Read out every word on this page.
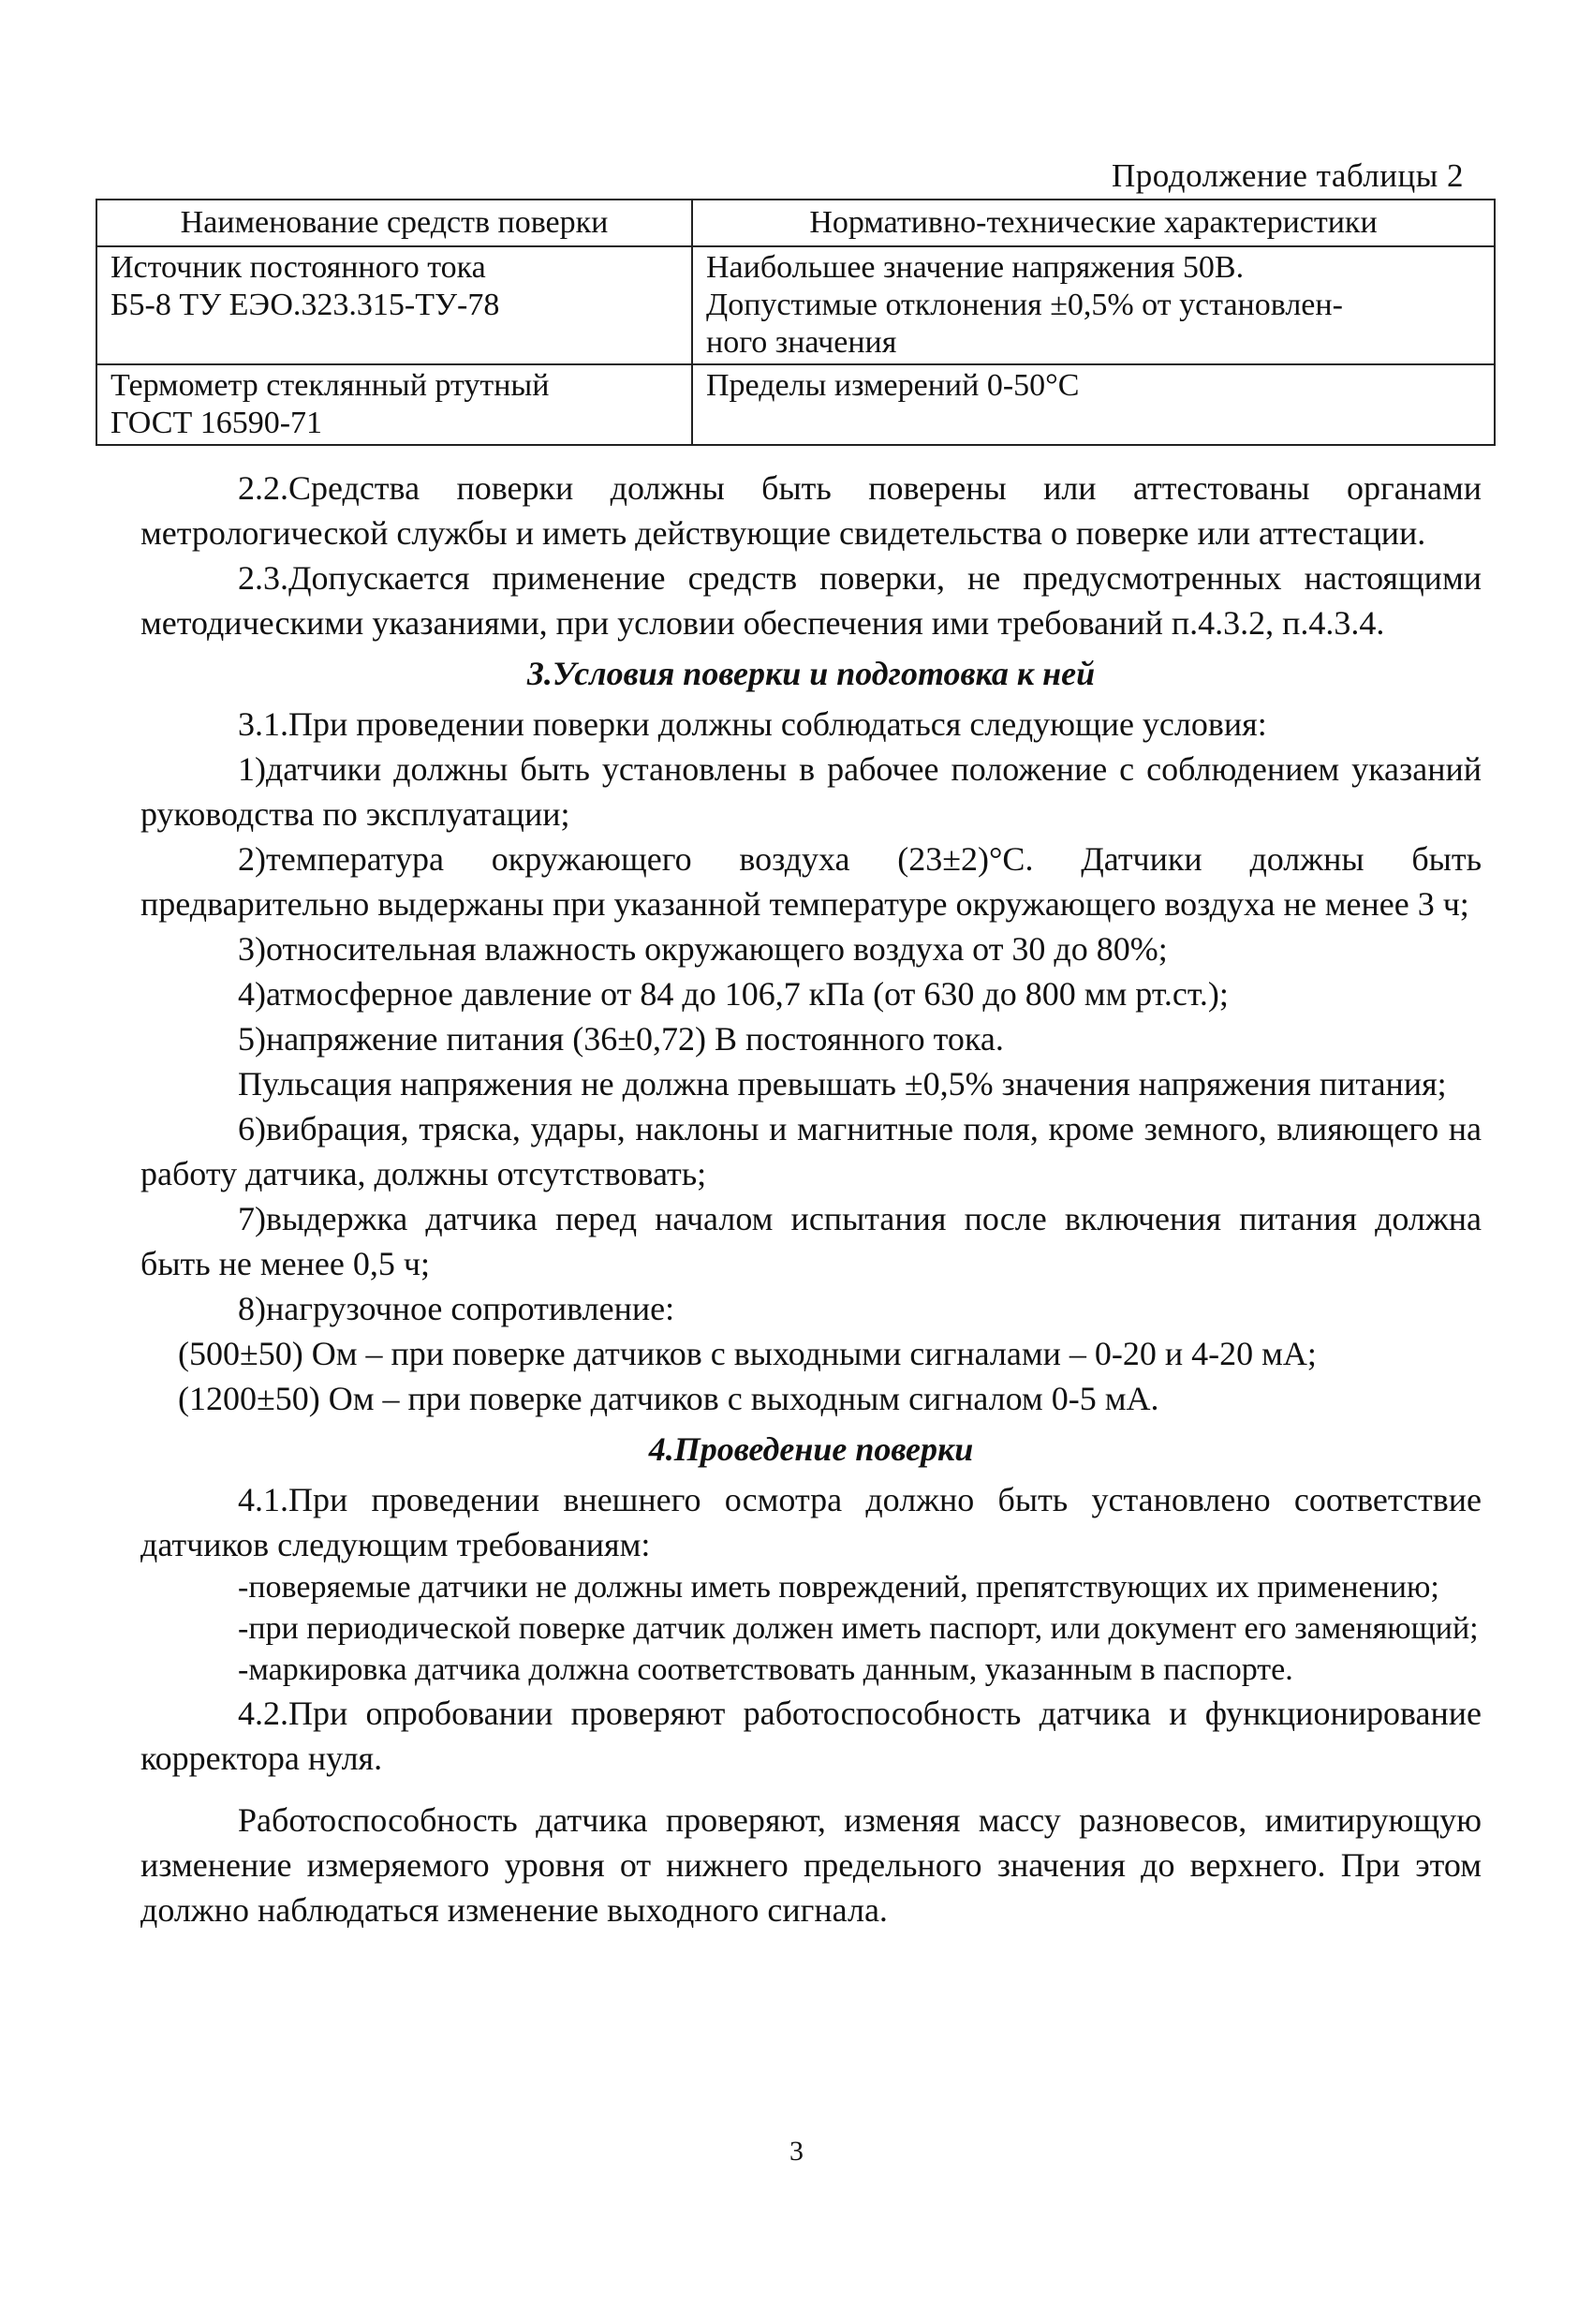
Продолжение таблицы 2
Наименование средств поверки	Нормативно-технические характеристики

Источник постоянного тока
Б5-8 ТУ ЕЭО.323.315-ТУ-78	Наибольшее значение напряжения 50В.
Допустимые отклонения ±0,5% от установлен-
ного значения

Термометр стеклянный ртутный
ГОСТ 16590-71	Пределы измерений 0-50°С

2.2.Средства поверки должны быть поверены или аттестованы органами метрологической службы и иметь действующие свидетельства о поверке или аттестации.

2.3.Допускается применение средств поверки, не предусмотренных настоящими методическими указаниями, при условии обеспечения ими требований п.4.3.2, п.4.3.4.

3.Условия поверки и подготовка к ней

3.1.При проведении поверки должны соблюдаться следующие условия:

1)датчики должны быть установлены в рабочее положение с соблюдением указаний руководства по эксплуатации;

2)температура окружающего воздуха (23±2)°С. Датчики должны быть предварительно выдержаны при указанной температуре окружающего воздуха не менее 3 ч;

3)относительная влажность окружающего воздуха от 30 до 80%;

4)атмосферное давление от 84 до 106,7 кПа (от 630 до 800 мм рт.ст.);

5)напряжение питания (36±0,72) В постоянного тока.

Пульсация напряжения не должна превышать ±0,5% значения напряжения питания;

6)вибрация, тряска, удары, наклоны и магнитные поля, кроме земного, влияющего на работу датчика, должны отсутствовать;

7)выдержка датчика перед началом испытания после включения питания должна быть не менее 0,5 ч;

8)нагрузочное сопротивление:

(500±50) Ом – при поверке датчиков с выходными сигналами – 0-20 и 4-20 мА;

(1200±50) Ом – при поверке датчиков с выходным сигналом 0-5 мА.

4.Проведение поверки

4.1.При проведении внешнего осмотра должно быть установлено соответствие датчиков следующим требованиям:

-поверяемые датчики не должны иметь повреждений, препятствующих их применению;

-при периодической поверке датчик должен иметь паспорт, или документ его заменяющий;

-маркировка датчика должна соответствовать данным, указанным в паспорте.

4.2.При опробовании проверяют работоспособность датчика и функционирование корректора нуля.

Работоспособность датчика проверяют, изменяя массу разновесов, имитирующую изменение измеряемого уровня от нижнего предельного значения до верхнего. При этом должно наблюдаться изменение выходного сигнала.

3
